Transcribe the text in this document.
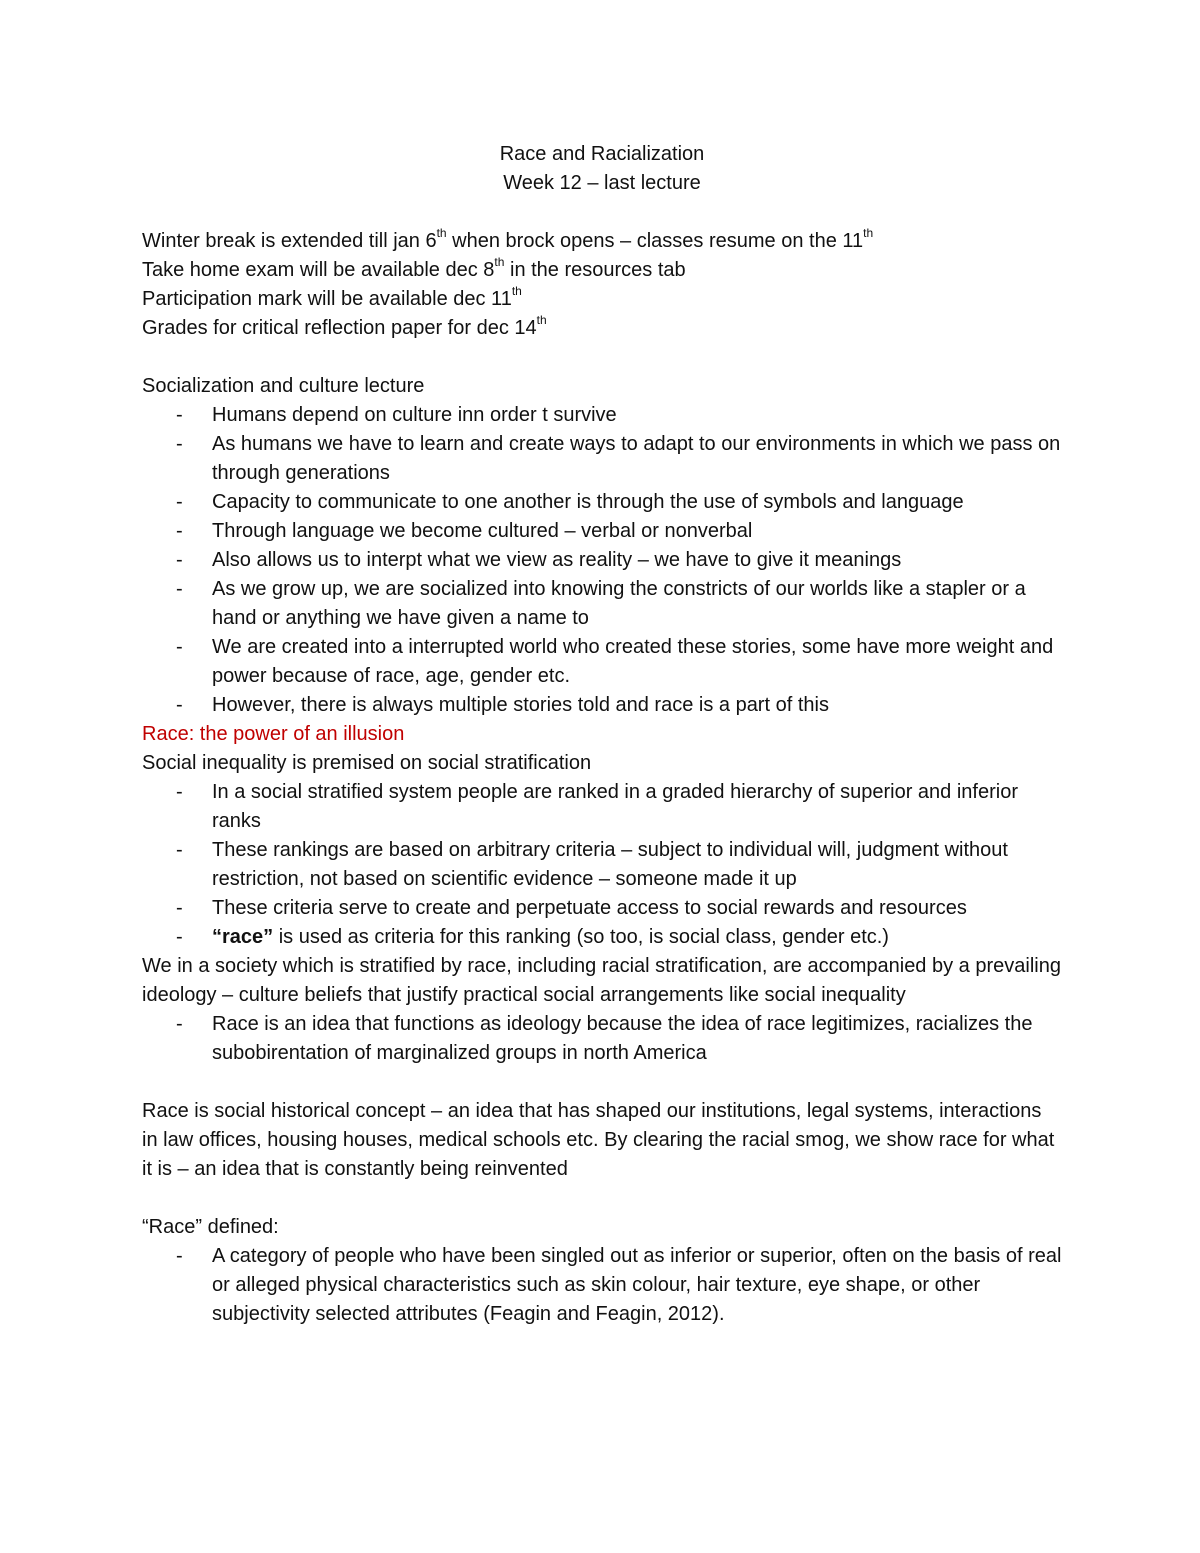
Race and Racialization
Week 12 – last lecture
Winter break is extended till jan 6th when brock opens – classes resume on the 11th
Take home exam will be available dec 8th in the resources tab
Participation mark will be available dec 11th
Grades for critical reflection paper for dec 14th
Socialization and culture lecture
-	Humans depend on culture inn order t survive
-	As humans we have to learn and create ways to adapt to our environments in which we pass on through generations
-	Capacity to communicate to one another is through the use of symbols and language
-	Through language we become cultured – verbal or nonverbal
-	Also allows us to interpt what we view as reality – we have to give it meanings
-	As we grow up, we are socialized into knowing the constricts of our worlds like a stapler or a hand or anything we have given a name to
-	We are created into a interrupted world who created these stories, some have more weight and power because of race, age, gender etc.
-	However, there is always multiple stories told and race is a part of this
Race: the power of an illusion
Social inequality is premised on social stratification
-	In a social stratified system people are ranked in a graded hierarchy of superior and inferior ranks
-	These rankings are based on arbitrary criteria – subject to individual will, judgment without restriction, not based on scientific evidence – someone made it up
-	These criteria serve to create and perpetuate access to social rewards and resources
-	“race” is used as criteria for this ranking (so too, is social class, gender etc.)
We in a society which is stratified by race, including racial stratification, are accompanied by a prevailing ideology – culture beliefs that justify practical social arrangements like social inequality
-	Race is an idea that functions as ideology because the idea of race legitimizes, racializes the subobirentation of marginalized groups in north America
Race is social historical concept – an idea that has shaped our institutions, legal systems, interactions in law offices, housing houses, medical schools etc. By clearing the racial smog, we show race for what it is – an idea that is constantly being reinvented
“Race” defined:
-	A category of people who have been singled out as inferior or superior, often on the basis of real or alleged physical characteristics such as skin colour, hair texture, eye shape, or other subjectivity selected attributes (Feagin and Feagin, 2012).
